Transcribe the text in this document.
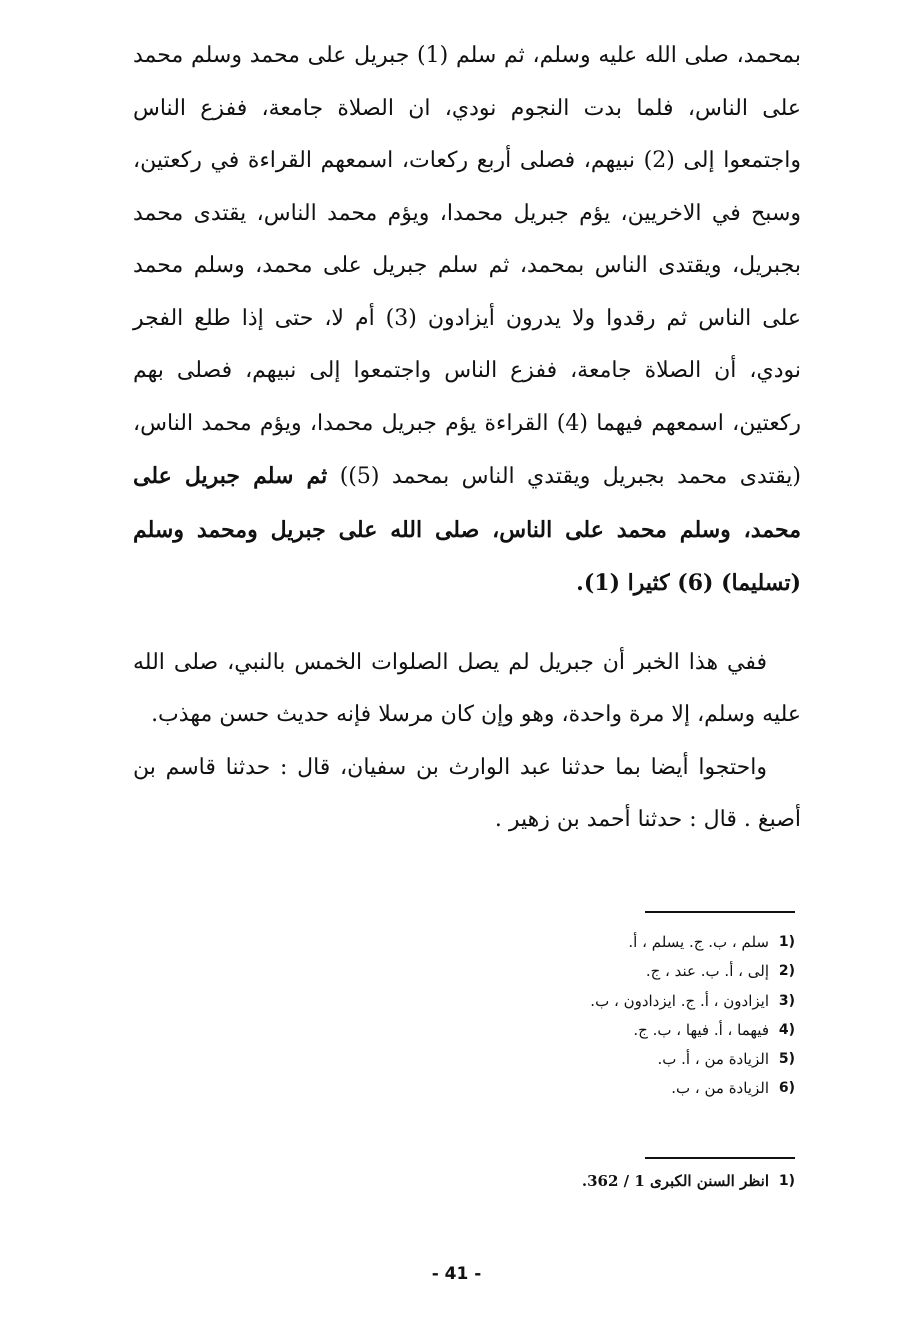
بمحمد، صلى الله عليه وسلم، ثم سلم (1) جبريل على محمد وسلم محمد على الناس، فلما بدت النجوم نودي، ان الصلاة جامعة، ففزع الناس واجتمعوا إلى (2) نبيهم، فصلى أربع ركعات، اسمعهم القراءة في ركعتين، وسبح في الاخريين، يؤم جبريل محمدا، ويؤم محمد الناس، يقتدى محمد بجبريل، ويقتدى الناس بمحمد، ثم سلم جبريل على محمد، وسلم محمد على الناس ثم رقدوا ولا يدرون أيزادون (3) أم لا، حتى إذا طلع الفجر نودي، أن الصلاة جامعة، ففزع الناس واجتمعوا إلى نبيهم، فصلى بهم ركعتين، اسمعهم فيهما (4) القراءة يؤم جبريل محمدا، ويؤم محمد الناس، (يقتدى محمد بجبريل ويقتدي الناس بمحمد (5)) ثم سلم جبريل على محمد، وسلم محمد على الناس، صلى الله على جبريل ومحمد وسلم (تسليما) (6) كثيرا (1).

ففي هذا الخبر أن جبريل لم يصل الصلوات الخمس بالنبي، صلى الله عليه وسلم، إلا مرة واحدة، وهو وإن كان مرسلا فإنه حديث حسن مهذب.

واحتجوا أيضا بما حدثنا عبد الوارث بن سفيان، قال : حدثنا قاسم بن أصبغ . قال : حدثنا أحمد بن زهير .

(1
سلم ، ب. ج. يسلم ، أ.
(2
إلى ، أ. ب. عند ، ج.
(3
ايزادون ، أ. ج. ايزدادون ، ب.
(4
فيهما ، أ. فيها ، ب. ج.
(5
الزيادة من ، أ. ب.
(6
الزيادة من ، ب.
(1
انظر السنن الكبرى 1 / 362.
- 41 -
